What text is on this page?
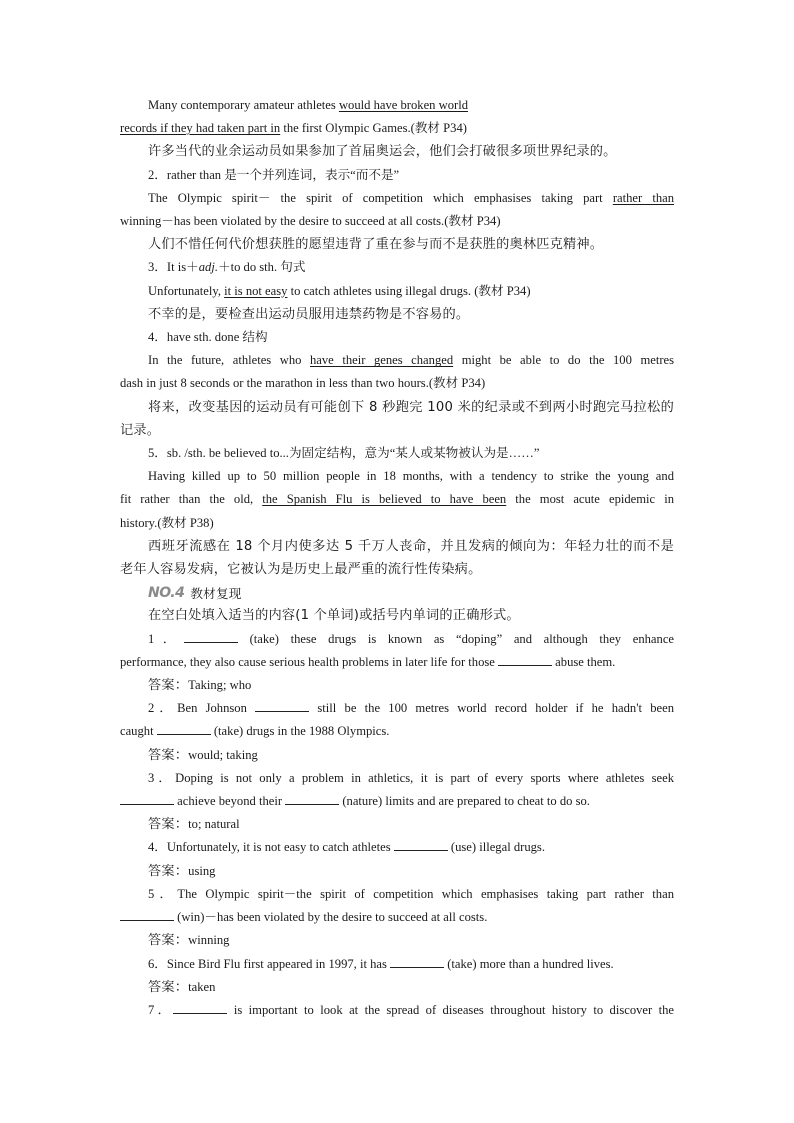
Many contemporary amateur athletes would have broken world

records if they had taken part in the first Olympic Games.(教材 P34)

许多当代的业余运动员如果参加了首届奥运会，他们会打破很多项世界纪录的。

2．rather than 是一个并列连词，表示“而不是”

The Olympic spirit－ the spirit of competition which emphasises taking part rather than

winning－has been violated by the desire to succeed at all costs.(教材 P34)

人们不惜任何代价想获胜的愿望违背了重在参与而不是获胜的奥林匹克精神。

3．It is＋adj.＋to do sth. 句式

Unfortunately, it is not easy to catch athletes using illegal drugs. (教材 P34)

不幸的是，要检查出运动员服用违禁药物是不容易的。

4．have sth. done 结构

In the future, athletes who have their genes changed might be able to do the 100 metres

dash in just 8 seconds or the marathon in less than two hours.(教材 P34)

将来，改变基因的运动员有可能创下 8 秒跑完 100 米的纪录或不到两小时跑完马拉松的

记录。

5．sb. /sth. be believed to...为固定结构，意为“某人或某物被认为是……”

Having killed up to 50 million people in 18 months, with a tendency to strike the young and

fit rather than the old, the Spanish Flu is believed to have been the most acute epidemic in

history.(教材 P38)

西班牙流感在 18 个月内使多达 5 千万人丧命，并且发病的倾向为：年轻力壮的而不是

老年人容易发病，它被认为是历史上最严重的流行性传染病。

NO.4 教材复现

在空白处填入适当的内容(1 个单词)或括号内单词的正确形式。

1．	(take) these drugs is known as “doping” and although they enhance

performance, they also cause serious health problems in later life for those	abuse them.

答案：Taking; who

2．Ben Johnson	still be the 100 metres world record holder if he hadn't been

caught	(take) drugs in the 1988 Olympics.

答案：would; taking

3．Doping is not only a problem in athletics, it is part of every sports where athletes seek

achieve beyond their	(nature) limits and are prepared to cheat to do so.

答案：to; natural

4．Unfortunately, it is not easy to catch athletes	(use) illegal drugs.

答案：using

5．The Olympic spirit－the spirit of competition which emphasises taking part rather than

(win)－has been violated by the desire to succeed at all costs.

答案：winning

6．Since Bird Flu first appeared in 1997, it has	(take) more than a hundred lives.

答案：taken

7．	is important to look at the spread of diseases throughout history to discover the
